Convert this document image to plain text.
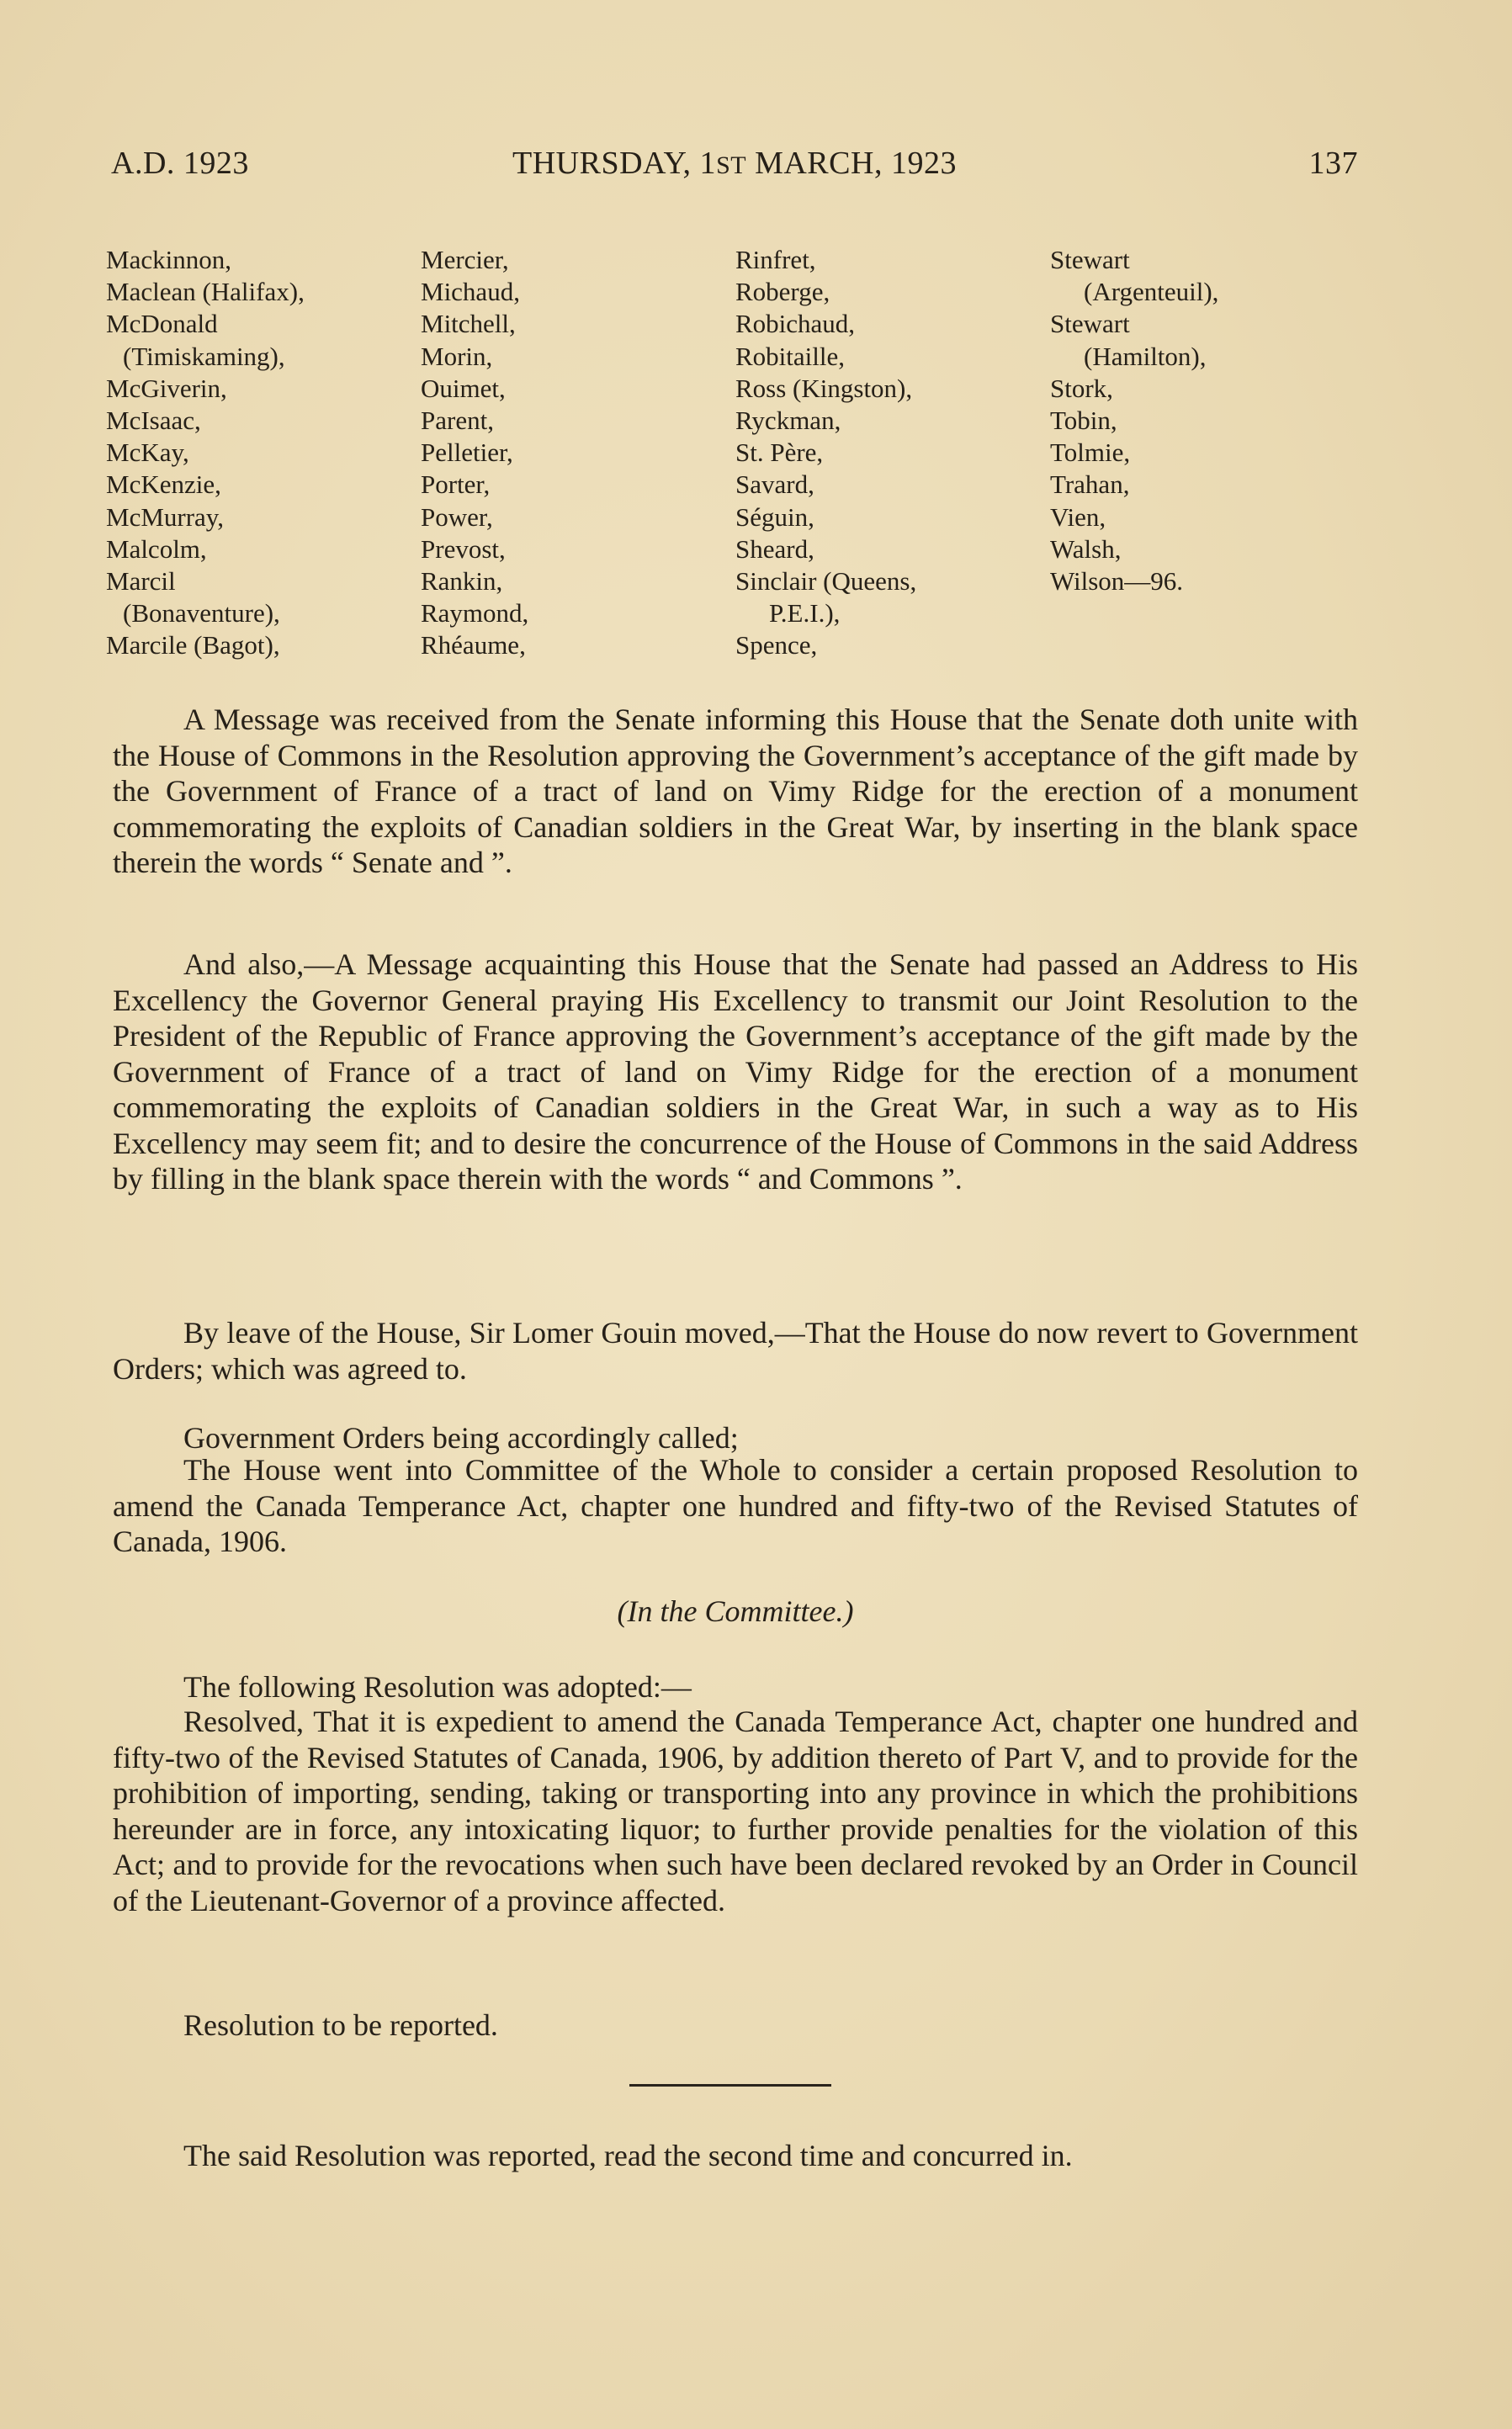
A.D. 1923	THURSDAY, 1ST MARCH, 1923	137
Mackinnon,
Maclean (Halifax),
McDonald
(Timiskaming),
McGiverin,
McIsaac,
McKay,
McKenzie,
McMurray,
Malcolm,
Marcil
(Bonaventure),
Marcile (Bagot),
Mercier,
Michaud,
Mitchell,
Morin,
Ouimet,
Parent,
Pelletier,
Porter,
Power,
Prevost,
Rankin,
Raymond,
Rhéaume,
Rinfret,
Roberge,
Robichaud,
Robitaille,
Ross (Kingston),
Ryckman,
St. Père,
Savard,
Séguin,
Sheard,
Sinclair (Queens,
P.E.I.),
Spence,
Stewart
(Argenteuil),
Stewart
(Hamilton),
Stork,
Tobin,
Tolmie,
Trahan,
Vien,
Walsh,
Wilson—96.

A Message was received from the Senate informing this House that the Senate doth unite with the House of Commons in the Resolution approving the Government’s acceptance of the gift made by the Government of France of a tract of land on Vimy Ridge for the erection of a monument commemorating the exploits of Canadian soldiers in the Great War, by inserting in the blank space therein the words “ Senate and ”.

And also,—A Message acquainting this House that the Senate had passed an Address to His Excellency the Governor General praying His Excellency to transmit our Joint Resolution to the President of the Republic of France approving the Government’s acceptance of the gift made by the Government of France of a tract of land on Vimy Ridge for the erection of a monument commemorating the exploits of Canadian soldiers in the Great War, in such a way as to His Excellency may seem fit; and to desire the concurrence of the House of Commons in the said Address by filling in the blank space therein with the words “ and Commons ”.

By leave of the House, Sir Lomer Gouin moved,—That the House do now revert to Government Orders; which was agreed to.

Government Orders being accordingly called;

The House went into Committee of the Whole to consider a certain proposed Resolution to amend the Canada Temperance Act, chapter one hundred and fifty-two of the Revised Statutes of Canada, 1906.

(In the Committee.)

The following Resolution was adopted:—

Resolved, That it is expedient to amend the Canada Temperance Act, chapter one hundred and fifty-two of the Revised Statutes of Canada, 1906, by addition thereto of Part V, and to provide for the prohibition of importing, sending, taking or transporting into any province in which the prohibitions hereunder are in force, any intoxicating liquor; to further provide penalties for the violation of this Act; and to provide for the revocations when such have been declared revoked by an Order in Council of the Lieutenant-Governor of a province affected.

Resolution to be reported.

The said Resolution was reported, read the second time and concurred in.
